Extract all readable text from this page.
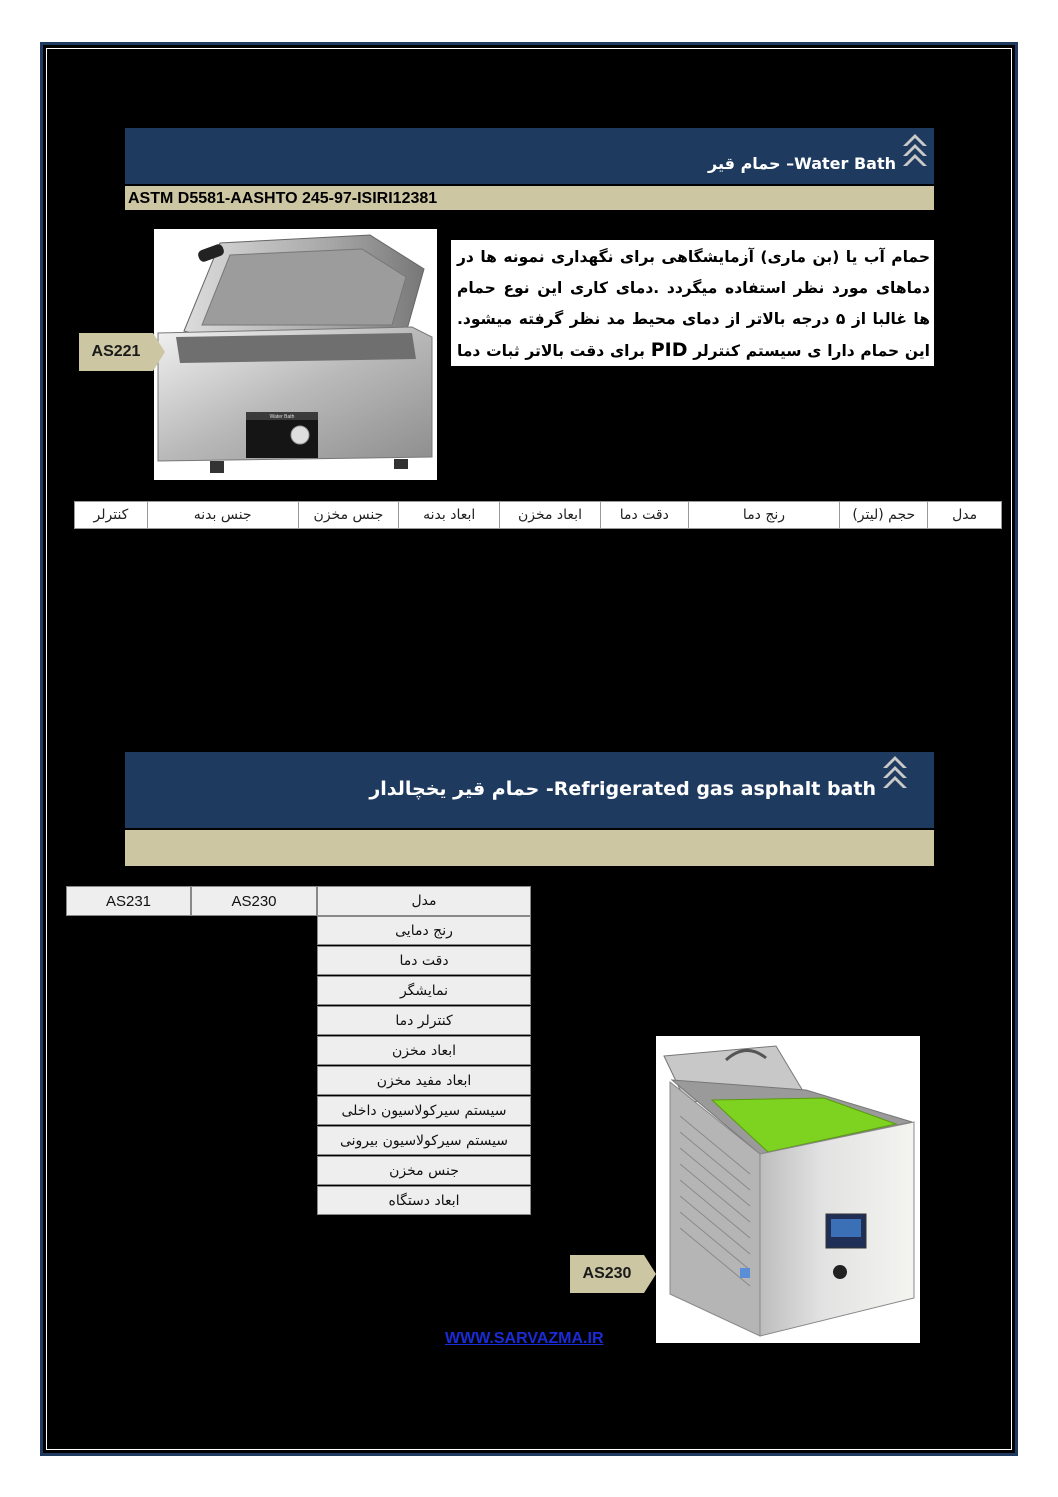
Water Bath– حمام قیر
ASTM D5581-AASHTO 245-97-ISIRI12381
Water Bath
AS221
حمام آب یا (بن ماری) آزمایشگاهی برای نگهداری نمونه ها در دماهای مورد نظر استفاده میگردد .دمای کاری این نوع حمام ها غالبا از ۵ درجه بالاتر از دمای محیط مد نظر گرفته میشود. این حمام دارا ی سیستم کنترلر PID برای دقت بالاتر ثبات دما استفاده شده .
مدل
حجم (لیتر)
رنج دما
دقت دما
ابعاد مخزن
ابعاد بدنه
جنس مخزن
جنس بدنه
کنترلر
Refrigerated gas asphalt bath- حمام قیر یخچالدار
AS231	AS230	مدل
رنج دمایی
دقت دما
نمایشگر
کنترلر دما
ابعاد مخزن
ابعاد مفید مخزن
سیستم سیرکولاسیون داخلی
سیستم سیرکولاسیون بیرونی
جنس مخزن
ابعاد دستگاه
AS230
WWW.SARVAZMA.IR
